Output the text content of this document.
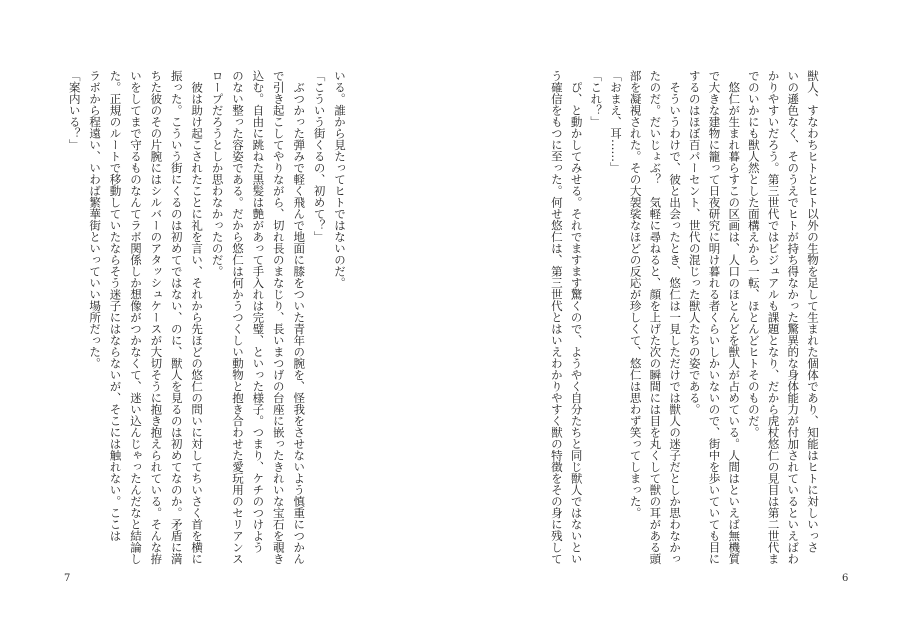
いる。誰から見たってヒトではないのだ。
「こういう街くるの、初めて？」
　ぶつかった弾みで軽く飛んで地面に膝をついた青年の腕を、怪我をさせないよう慎重につかん
で引き起こしてやりながら、切れ長のまなじり、長いまつげの台座に嵌ったきれいな宝石を覗き
込む。自由に跳ねた黒髪は艶があって手入れは完璧、といった様子。つまり、ケチのつけよう
のない整った容姿である。だから悠仁は何かうつくしい動物と抱き合わせた愛玩用のセリアンス
ロープだろうとしか思わなかったのだ。
　彼は助け起こされたことに礼を言い、それから先ほどの悠仁の問いに対してちいさく首を横に
振った。こういう街にくるのは初めてではない、のに、獣人を見るのは初めてなのか。矛盾に満
ちた彼のその片腕にはシルバーのアタッシュケースが大切そうに抱き抱えられている。そんな拵
いをしてまで守るものなんてラボ関係しか想像がつかなくて、迷い込んじゃったんだなと結論し
た。正規のルートで移動していたならそう迷子にはならないが、そこには触れない。ここは
ラボから程遠い、いわば繁華街といっていい場所だった。
「案内いる？」
7
獣人、すなわちヒトとヒト以外の生物を足して生まれた個体であり、知能はヒトに対しいっさ
いの遜色なく、そのうえでヒトが持ち得なかった驚異的な身体能力が付加されているといえばわ
かりやすいだろう。第三世代ではビジュアルも課題となり、だから虎杖悠仁の見目は第二世代ま
でのいかにも獣人然とした面構えから一転、ほとんどヒトそのものだ。
　悠仁が生まれ暮らすこの区画は、人口のほとんどを獣人が占めている。人間はといえば無機質
で大きな建物に籠って日夜研究に明け暮れる者くらいしかいないので、街中を歩いていても目に
するのはほぼ百パーセント、世代の混じった獣人たちの姿である。
　そういうわけで、彼と出会ったとき、悠仁は一見しただけでは獣人の迷子だとしか思わなかっ
たのだ。だいじょぶ？　気軽に尋ねると、顔を上げた次の瞬間には目を丸くして獣の耳がある頭
部を凝視された。その大袈裟なほどの反応が珍しくて、悠仁は思わず笑ってしまった。
「おまえ、耳……」
「これ？」
　ぴ、と動かしてみせる。それでますます驚くので、ようやく自分たちと同じ獣人ではないとい
う確信をもつに至った。何せ悠仁は、第三世代とはいえわかりやすく獣の特徴をその身に残して
6
